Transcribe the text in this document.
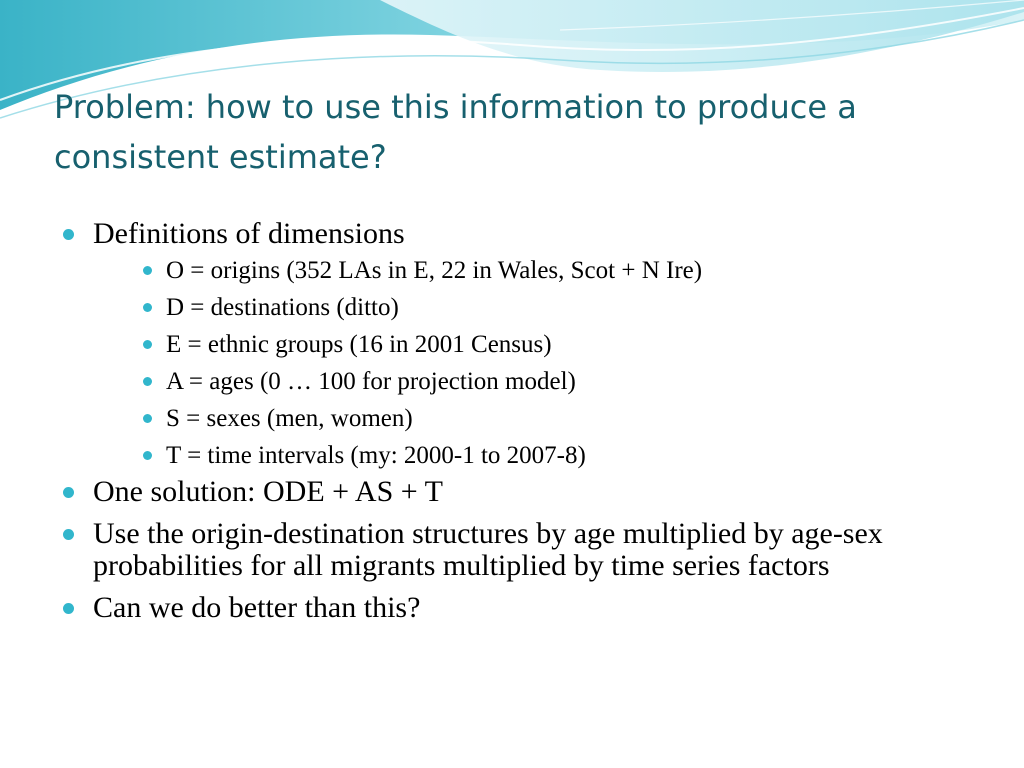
Problem: how to use this information to produce a consistent estimate?
Definitions of dimensions
O = origins (352 LAs in E, 22 in Wales, Scot + N Ire)
D = destinations (ditto)
E = ethnic groups (16 in 2001 Census)
A = ages (0 … 100 for projection model)
S = sexes (men, women)
T = time intervals (my: 2000-1 to 2007-8)
One solution: ODE + AS + T
Use the origin-destination structures by age multiplied by age-sex probabilities for all migrants multiplied by time series factors
Can we do better than this?
